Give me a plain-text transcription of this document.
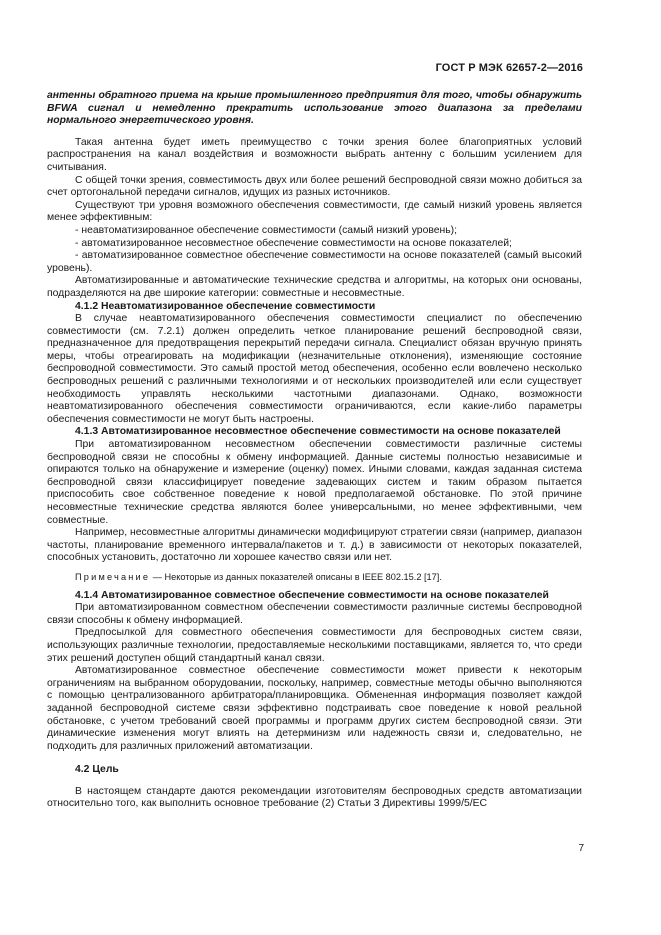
ГОСТ Р МЭК 62657-2—2016

антенны обратного приема на крыше промышленного предприятия для того, чтобы обнаружить BFWA сигнал и немедленно прекратить использование этого диапазона за пределами нормального энергетического уровня.

Такая антенна будет иметь преимущество с точки зрения более благоприятных условий распространения на канал воздействия и возможности выбрать антенну с большим усилением для считывания.

С общей точки зрения, совместимость двух или более решений беспроводной связи можно добиться за счет ортогональной передачи сигналов, идущих из разных источников.

Существуют три уровня возможного обеспечения совместимости, где самый низкий уровень является менее эффективным:

- неавтоматизированное обеспечение совместимости (самый низкий уровень);

- автоматизированное несовместное обеспечение совместимости на основе показателей;

- автоматизированное совместное обеспечение совместимости на основе показателей (самый высокий уровень).

Автоматизированные и автоматические технические средства и алгоритмы, на которых они основаны, подразделяются на две широкие категории: совместные и несовместные.

4.1.2 Неавтоматизированное обеспечение совместимости

В случае неавтоматизированного обеспечения совместимости специалист по обеспечению совместимости (см. 7.2.1) должен определить четкое планирование решений беспроводной связи, предназначенное для предотвращения перекрытий передачи сигнала. Специалист обязан вручную принять меры, чтобы отреагировать на модификации (незначительные отклонения), изменяющие состояние беспроводной совместимости. Это самый простой метод обеспечения, особенно если вовлечено несколько беспроводных решений с различными технологиями и от нескольких производителей или если существует необходимость управлять несколькими частотными диапазонами. Однако, возможности неавтоматизированного обеспечения совместимости ограничиваются, если какие-либо параметры обеспечения совместимости не могут быть настроены.

4.1.3 Автоматизированное несовместное обеспечение совместимости на основе показателей

При автоматизированном несовместном обеспечении совместимости различные системы беспроводной связи не способны к обмену информацией. Данные системы полностью независимые и опираются только на обнаружение и измерение (оценку) помех. Иными словами, каждая заданная система беспроводной связи классифицирует поведение задевающих систем и таким образом пытается приспособить свое собственное поведение к новой предполагаемой обстановке. По этой причине несовместные технические средства являются более универсальными, но менее эффективными, чем совместные.

Например, несовместные алгоритмы динамически модифицируют стратегии связи (например, диапазон частоты, планирование временного интервала/пакетов и т. д.) в зависимости от некоторых показателей, способных установить, достаточно ли хорошее качество связи или нет.

Примечание — Некоторые из данных показателей описаны в IEEE 802.15.2 [17].

4.1.4 Автоматизированное совместное обеспечение совместимости на основе показателей

При автоматизированном совместном обеспечении совместимости различные системы беспроводной связи способны к обмену информацией.

Предпосылкой для совместного обеспечения совместимости для беспроводных систем связи, использующих различные технологии, предоставляемые несколькими поставщиками, является то, что среди этих решений доступен общий стандартный канал связи.

Автоматизированное совместное обеспечение совместимости может привести к некоторым ограничениям на выбранном оборудовании, поскольку, например, совместные методы обычно выполняются с помощью централизованного арбитратора/планировщика. Обмененная информация позволяет каждой заданной беспроводной системе связи эффективно подстраивать свое поведение к новой реальной обстановке, с учетом требований своей программы и программ других систем беспроводной связи. Эти динамические изменения могут влиять на детерминизм или надежность связи и, следовательно, не подходить для различных приложений автоматизации.

4.2 Цель

В настоящем стандарте даются рекомендации изготовителям беспроводных средств автоматизации относительно того, как выполнить основное требование (2) Статьи 3 Директивы 1999/5/EC

7
